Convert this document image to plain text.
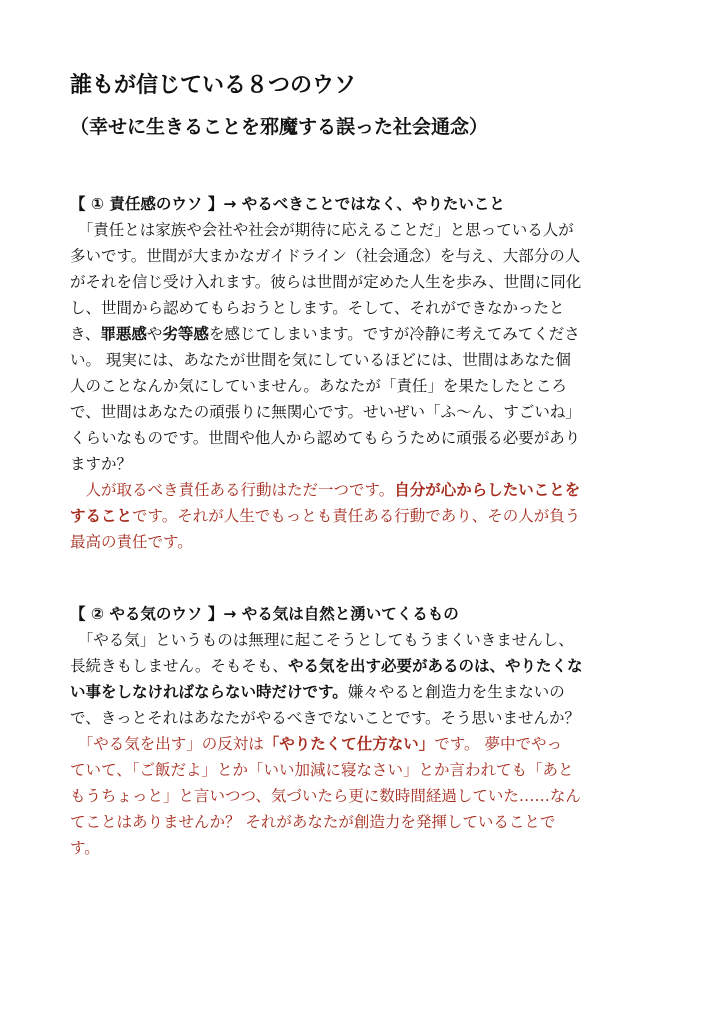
誰もが信じている８つのウソ
（幸せに生きることを邪魔する誤った社会通念）
【 ① 責任感のウソ 】→ やるべきことではなく、やりたいこと
　「責任とは家族や会社や社会が期待に応えることだ」と思っている人が
多いです。世間が大まかなガイドライン（社会通念）を与え、大部分の人
がそれを信じ受け入れます。彼らは世間が定めた人生を歩み、世間に同化
し、世間から認めてもらおうとします。そして、それができなかったと
き、罪悪感や劣等感を感じてしまいます。ですが冷静に考えてみてくださ
い。 現実には、あなたが世間を気にしているほどには、世間はあなた個
人のことなんか気にしていません。あなたが「責任」を果たしたところ
で、世間はあなたの頑張りに無関心です。せいぜい「ふ～ん、すごいね」
くらいなものです。世間や他人から認めてもらうために頑張る必要があり
ますか？
　人が取るべき責任ある行動はただ一つです。自分が心からしたいことを
することです。それが人生でもっとも責任ある行動であり、その人が負う
最高の責任です。
【 ② やる気のウソ 】→ やる気は自然と湧いてくるもの
　「やる気」というものは無理に起こそうとしてもうまくいきませんし、
長続きもしません。そもそも、やる気を出す必要があるのは、やりたくな
い事をしなければならない時だけです。嫌々やると創造力を生まないの
で、きっとそれはあなたがやるべきでないことです。そう思いませんか？
　「やる気を出す」の反対は「やりたくて仕方ない」です。 夢中でやっ
ていて、「ご飯だよ」とか「いい加減に寝なさい」とか言われても「あと
もうちょっと」と言いつつ、気づいたら更に数時間経過していた……なん
てことはありませんか？ それがあなたが創造力を発揮していることで
す。
